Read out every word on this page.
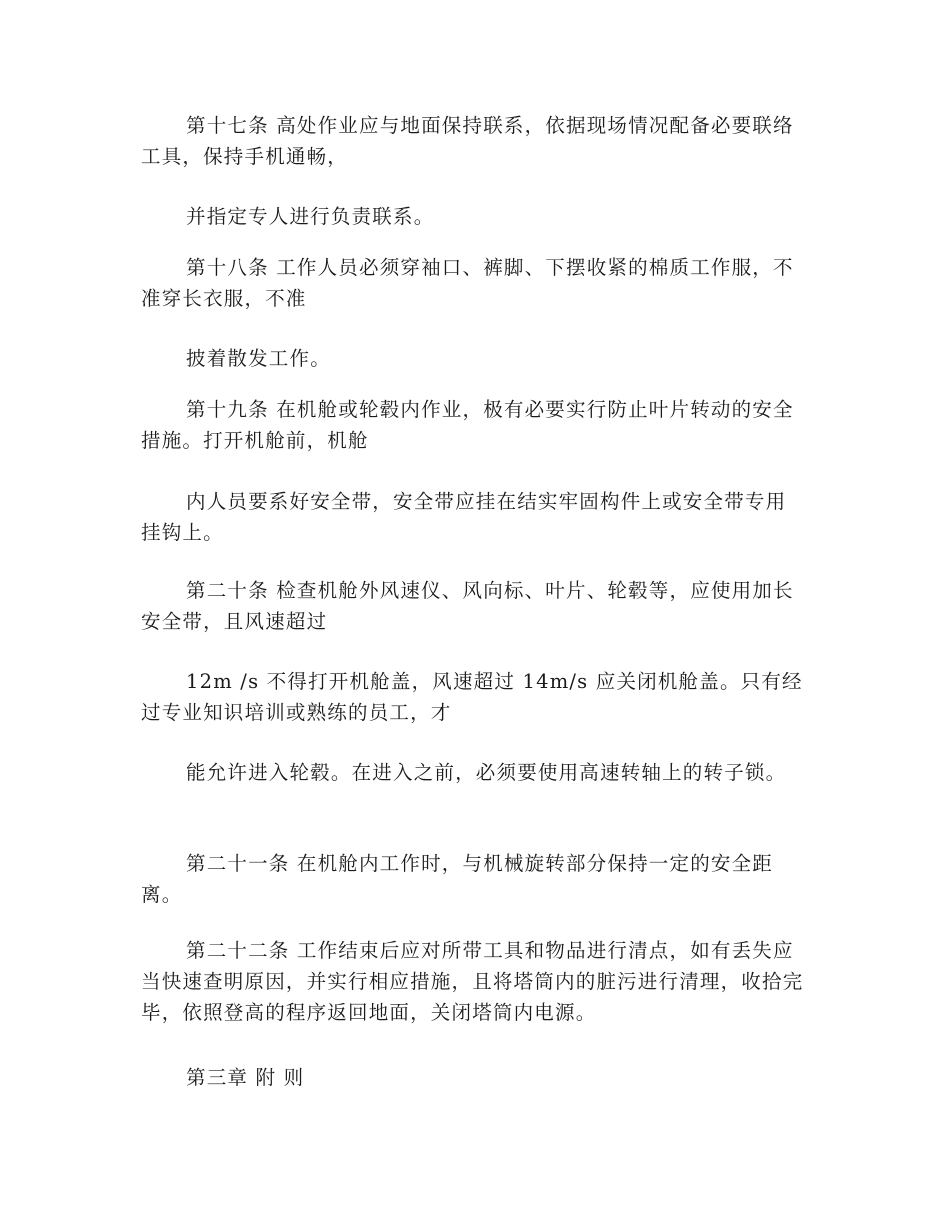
第十七条 高处作业应与地面保持联系，依据现场情况配备必要联络工具，保持手机通畅，

并指定专人进行负责联系。

第十八条 工作人员必须穿袖口、裤脚、下摆收紧的棉质工作服，不准穿长衣服，不准

披着散发工作。

第十九条 在机舱或轮毂内作业，极有必要实行防止叶片转动的安全措施。打开机舱前，机舱

内人员要系好安全带，安全带应挂在结实牢固构件上或安全带专用挂钩上。

第二十条 检查机舱外风速仪、风向标、叶片、轮毂等，应使用加长安全带，且风速超过

12m /s 不得打开机舱盖，风速超过 14m/s 应关闭机舱盖。只有经过专业知识培训或熟练的员工，才

能允许进入轮毂。在进入之前，必须要使用高速转轴上的转子锁。

第二十一条 在机舱内工作时，与机械旋转部分保持一定的安全距离。

第二十二条 工作结束后应对所带工具和物品进行清点，如有丢失应当快速查明原因，并实行相应措施，且将塔筒内的脏污进行清理，收拾完毕，依照登高的程序返回地面，关闭塔筒内电源。

第三章 附 则
